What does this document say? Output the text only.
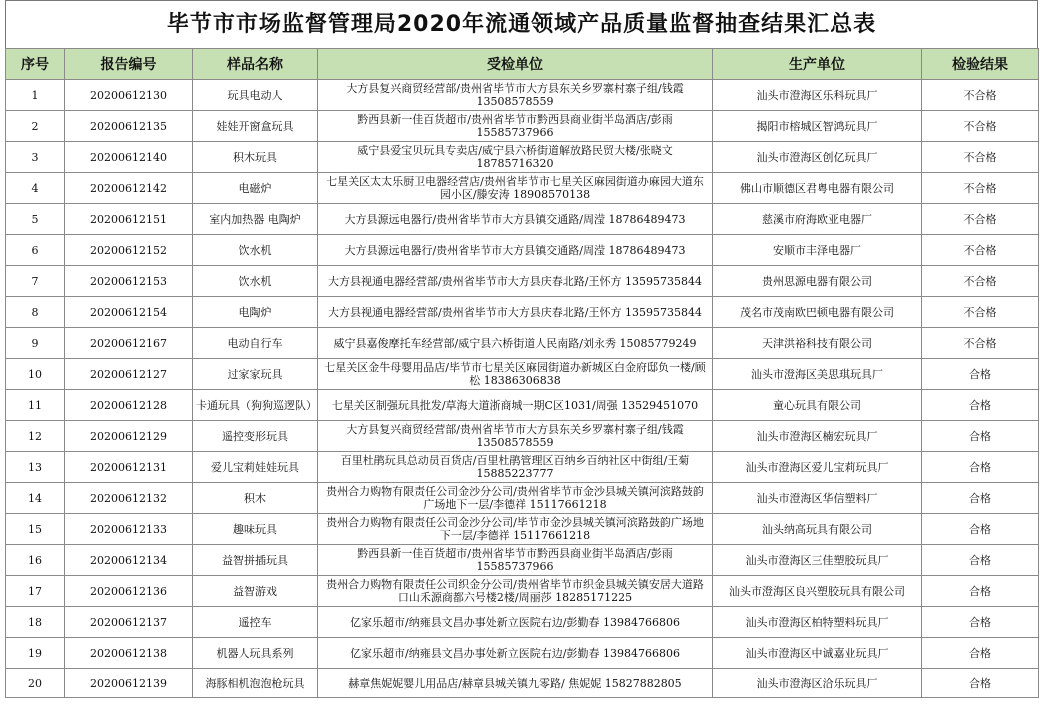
毕节市市场监督管理局2020年流通领域产品质量监督抽查结果汇总表
序号	报告编号	样品名称	受检单位	生产单位	检验结果
1	20200612130	玩具电动人	大方县复兴商贸经营部/贵州省毕节市大方县东关乡罗寨村寨子组/钱霞 13508578559	汕头市澄海区乐科玩具厂	不合格
2	20200612135	娃娃开窗盒玩具	黔西县新一佳百货超市/贵州省毕节市黔西县商业街半岛酒店/彭雨 15585737966	揭阳市榕城区智鸿玩具厂	不合格
3	20200612140	积木玩具	威宁县爱宝贝玩具专卖店/威宁县六桥街道解放路民贸大楼/张晓文 18785716320	汕头市澄海区创亿玩具厂	不合格
4	20200612142	电磁炉	七星关区太太乐厨卫电器经营店/贵州省毕节市七星关区麻园街道办麻园大道东园小区/滕安涛 18908570138	佛山市顺德区君粤电器有限公司	不合格
5	20200612151	室内加热器 电陶炉	大方县源远电器行/贵州省毕节市大方县镇交通路/周滢 18786489473	慈溪市府海欧亚电器厂	不合格
6	20200612152	饮水机	大方县源远电器行/贵州省毕节市大方县镇交通路/周滢 18786489473	安顺市丰泽电器厂	不合格
7	20200612153	饮水机	大方县视通电器经营部/贵州省毕节市大方县庆春北路/王怀方 13595735844	贵州思源电器有限公司	不合格
8	20200612154	电陶炉	大方县视通电器经营部/贵州省毕节市大方县庆春北路/王怀方 13595735844	茂名市茂南欧巴顿电器有限公司	不合格
9	20200612167	电动自行车	威宁县嘉俊摩托车经营部/威宁县六桥街道人民南路/刘永秀 15085779249	天津洪裕科技有限公司	不合格
10	20200612127	过家家玩具	七星关区金牛母婴用品店/毕节市七星关区麻园街道办新城区白金府邸负一楼/顾松 18386306838	汕头市澄海区美思琪玩具厂	合格
11	20200612128	卡通玩具（狗狗巡逻队）	七星关区制强玩具批发/草海大道浙商城一期C区1031/周强 13529451070	童心玩具有限公司	合格
12	20200612129	遥控变形玩具	大方县复兴商贸经营部/贵州省毕节市大方县东关乡罗寨村寨子组/钱霞 13508578559	汕头市澄海区楠宏玩具厂	合格
13	20200612131	爱儿宝莉娃娃玩具	百里杜鹃玩具总动员百货店/百里杜鹃管理区百纳乡百纳社区中街组/王菊 15885223777	汕头市澄海区爱儿宝莉玩具厂	合格
14	20200612132	积木	贵州合力购物有限责任公司金沙分公司/贵州省毕节市金沙县城关镇河滨路鼓韵广场地下一层/李德祥 15117661218	汕头市澄海区华信塑料厂	合格
15	20200612133	趣味玩具	贵州合力购物有限责任公司金沙分公司/毕节市金沙县城关镇河滨路鼓韵广场地下一层/李德祥 15117661218	汕头纳高玩具有限公司	合格
16	20200612134	益智拼插玩具	黔西县新一佳百货超市/贵州省毕节市黔西县商业街半岛酒店/彭雨 15585737966	汕头市澄海区三佳塑胶玩具厂	合格
17	20200612136	益智游戏	贵州合力购物有限责任公司织金分公司/贵州省毕节市织金县城关镇安居大道路口山禾源商都六号楼2楼/周丽莎 18285171225	汕头市澄海区良兴塑胶玩具有限公司	合格
18	20200612137	遥控车	亿家乐超市/纳雍县文昌办事处新立医院右边/彭勤春 13984766806	汕头市澄海区柏特塑料玩具厂	合格
19	20200612138	机器人玩具系列	亿家乐超市/纳雍县文昌办事处新立医院右边/彭勤春 13984766806	汕头市澄海区中诚嘉业玩具厂	合格
20	20200612139	海豚相机泡泡枪玩具	赫章焦妮妮婴儿用品店/赫章县城关镇九零路/ 焦妮妮 15827882805	汕头市澄海区洽乐玩具厂	合格
